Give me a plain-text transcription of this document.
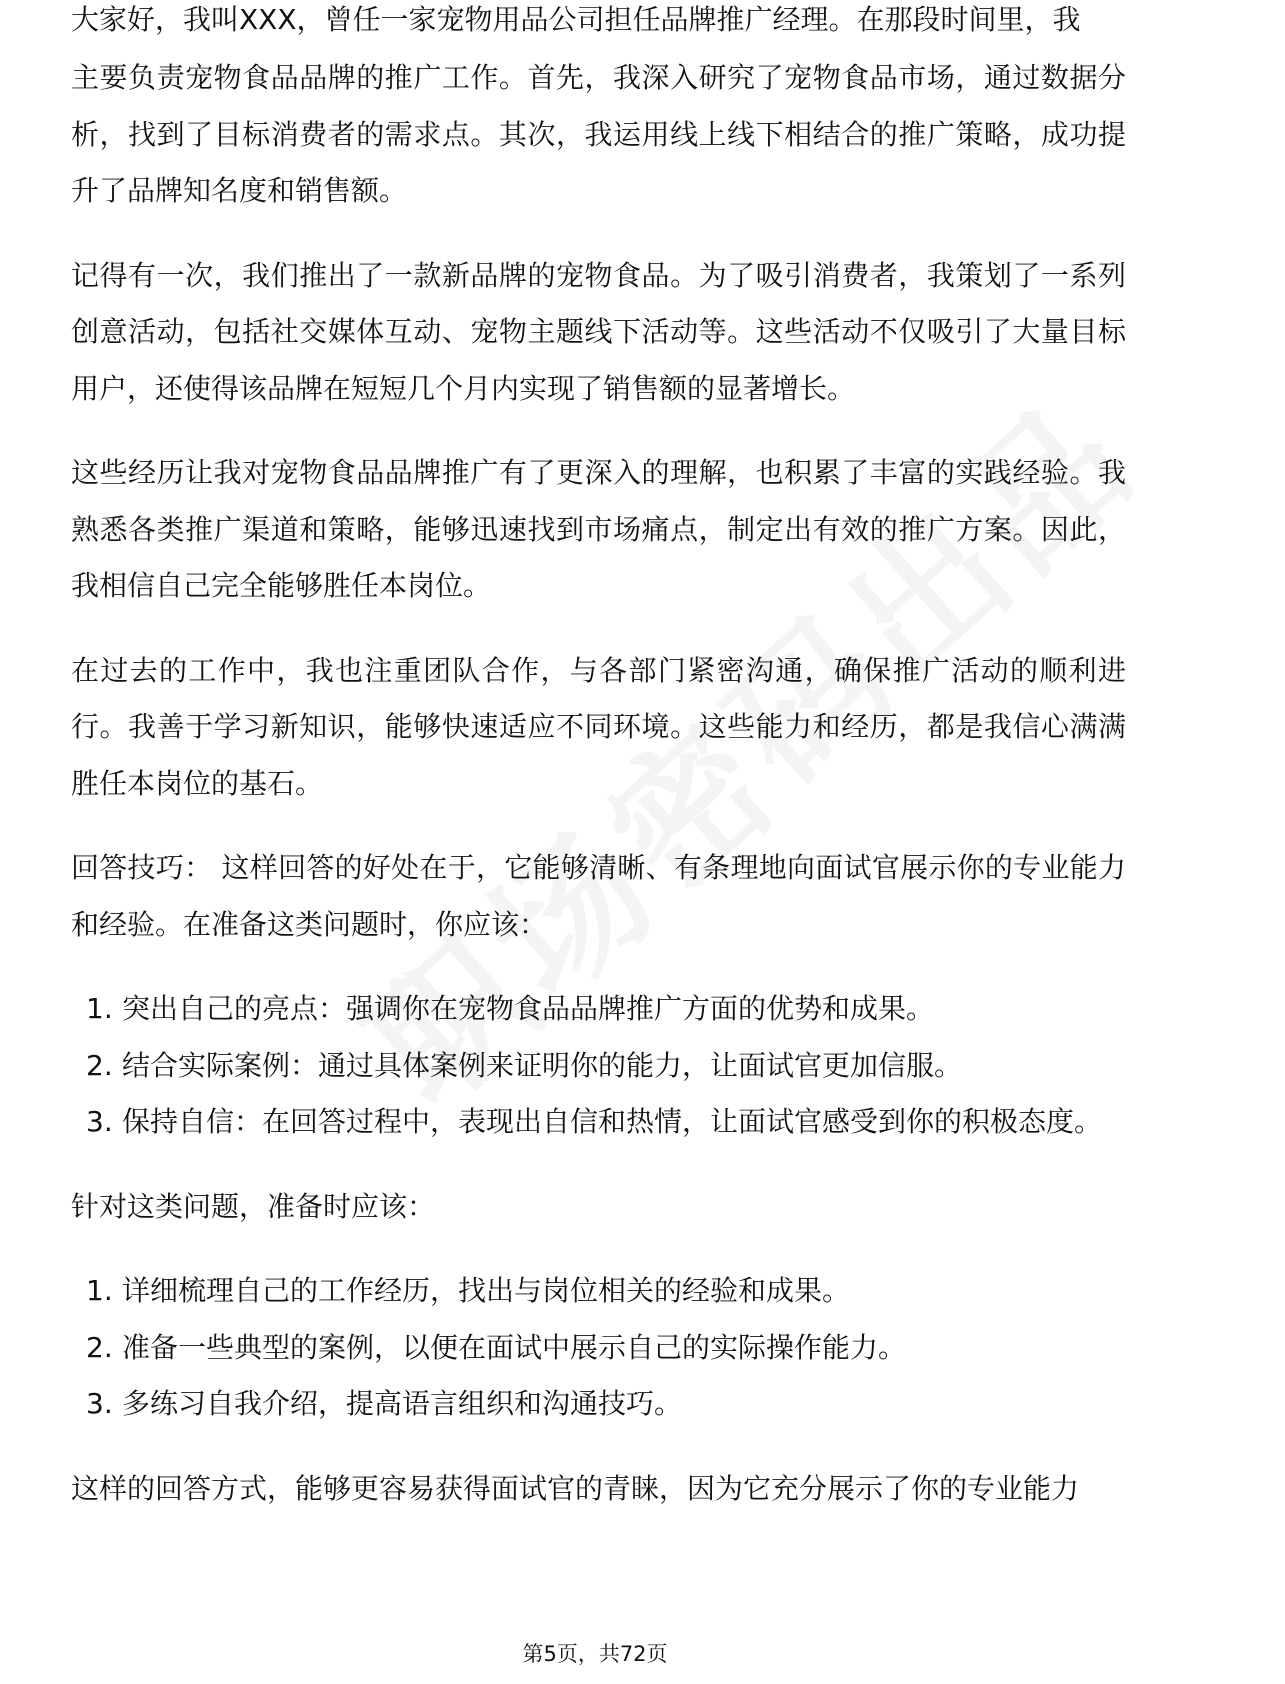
大家好，我叫XXX，曾任一家宠物用品公司担任品牌推广经理。在那段时间里，我
主要负责宠物食品品牌的推广工作。首先，我深入研究了宠物食品市场，通过数据分析，找到了目标消费者的需求点。其次，我运用线上线下相结合的推广策略，成功提升了品牌知名度和销售额。

记得有一次，我们推出了一款新品牌的宠物食品。为了吸引消费者，我策划了一系列创意活动，包括社交媒体互动、宠物主题线下活动等。这些活动不仅吸引了大量目标用户，还使得该品牌在短短几个月内实现了销售额的显著增长。

这些经历让我对宠物食品品牌推广有了更深入的理解，也积累了丰富的实践经验。我熟悉各类推广渠道和策略，能够迅速找到市场痛点，制定出有效的推广方案。因此，我相信自己完全能够胜任本岗位。

在过去的工作中，我也注重团队合作，与各部门紧密沟通，确保推广活动的顺利进行。我善于学习新知识，能够快速适应不同环境。这些能力和经历，都是我信心满满胜任本岗位的基石。

回答技巧： 这样回答的好处在于，它能够清晰、有条理地向面试官展示你的专业能力和经验。在准备这类问题时，你应该：

1. 突出自己的亮点：强调你在宠物食品品牌推广方面的优势和成果。
2. 结合实际案例：通过具体案例来证明你的能力，让面试官更加信服。
3. 保持自信：在回答过程中，表现出自信和热情，让面试官感受到你的积极态度。

针对这类问题，准备时应该：

1. 详细梳理自己的工作经历，找出与岗位相关的经验和成果。
2. 准备一些典型的案例，以便在面试中展示自己的实际操作能力。
3. 多练习自我介绍，提高语言组织和沟通技巧。

这样的回答方式，能够更容易获得面试官的青睐，因为它充分展示了你的专业能力

第5页，共72页
